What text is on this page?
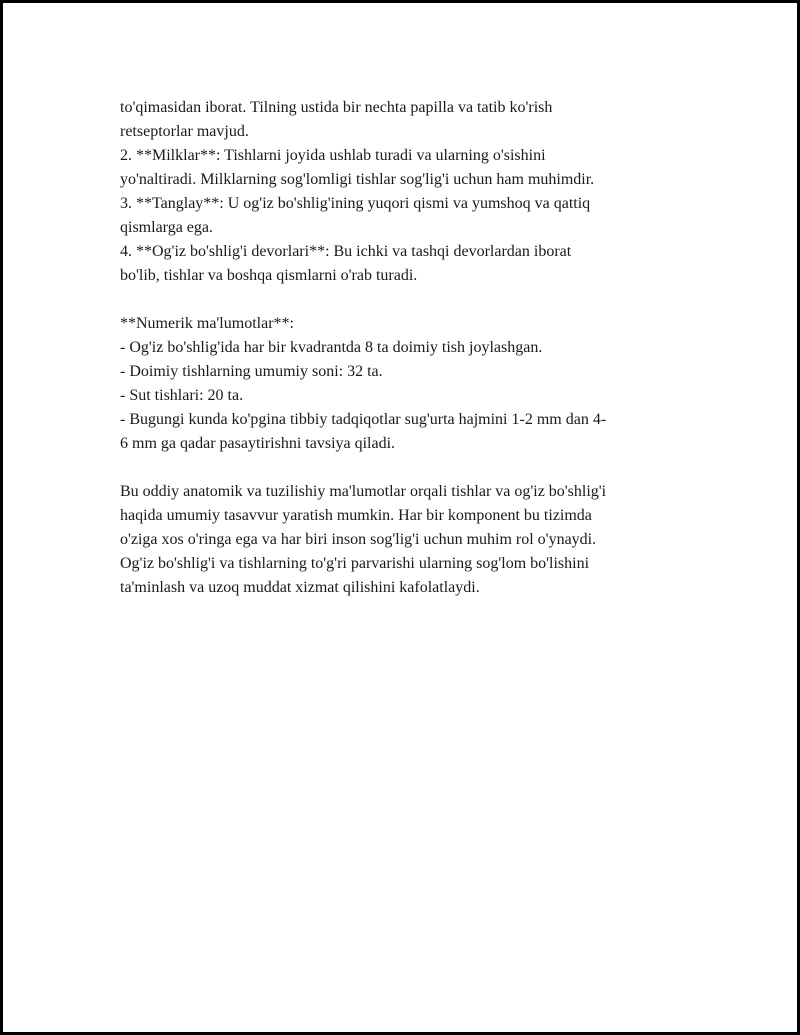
to'qimasidan iborat. Tilning ustida bir nechta papilla va tatib ko'rish
retseptorlar mavjud.
2. **Milklar**: Tishlarni joyida ushlab turadi va ularning o'sishini
yo'naltiradi. Milklarning sog'lomligi tishlar sog'lig'i uchun ham muhimdir.
3. **Tanglay**: U og'iz bo'shlig'ining yuqori qismi va yumshoq va qattiq
qismlarga ega.
4. **Og'iz bo'shlig'i devorlari**: Bu ichki va tashqi devorlardan iborat
bo'lib, tishlar va boshqa qismlarni o'rab turadi.
**Numerik ma'lumotlar**:
- Og'iz bo'shlig'ida har bir kvadrantda 8 ta doimiy tish joylashgan.
- Doimiy tishlarning umumiy soni: 32 ta.
- Sut tishlari: 20 ta.
- Bugungi kunda ko'pgina tibbiy tadqiqotlar sug'urta hajmini 1-2 mm dan 4-
6 mm ga qadar pasaytirishni tavsiya qiladi.
Bu oddiy anatomik va tuzilishiy ma'lumotlar orqali tishlar va og'iz bo'shlig'i
haqida umumiy tasavvur yaratish mumkin. Har bir komponent bu tizimda
o'ziga xos o'ringa ega va har biri inson sog'lig'i uchun muhim rol o'ynaydi.
Og'iz bo'shlig'i va tishlarning to'g'ri parvarishi ularning sog'lom bo'lishini
ta'minlash va uzoq muddat xizmat qilishini kafolatlaydi.
